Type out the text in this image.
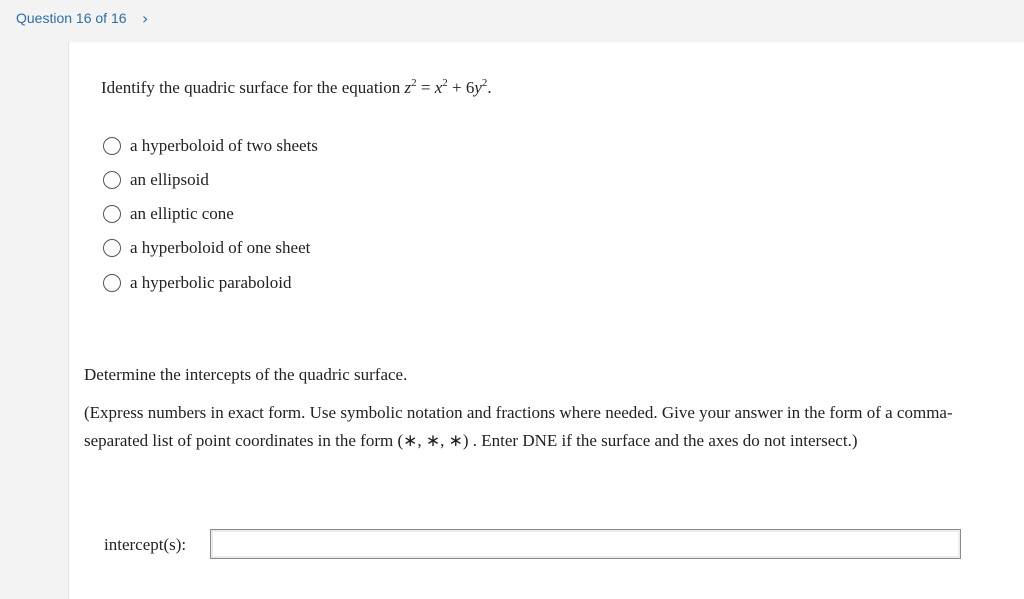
Question 16 of 16 ›
Identify the quadric surface for the equation $z^2 = x^2 + 6y^2$.
a hyperboloid of two sheets
an ellipsoid
an elliptic cone
a hyperboloid of one sheet
a hyperbolic paraboloid
Determine the intercepts of the quadric surface.
(Express numbers in exact form. Use symbolic notation and fractions where needed. Give your answer in the form of a comma-separated list of point coordinates in the form (∗, ∗, ∗) . Enter DNE if the surface and the axes do not intersect.)
intercept(s):
